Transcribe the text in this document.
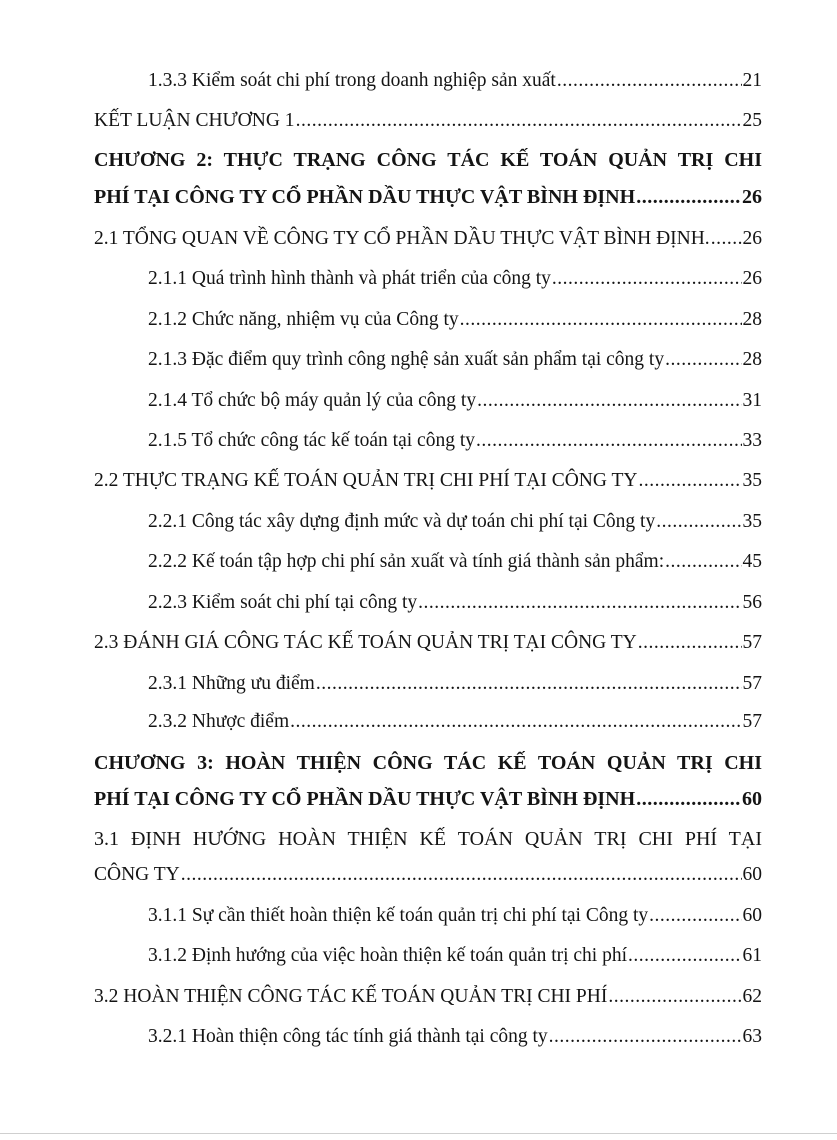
1.3.3 Kiểm soát chi phí trong doanh nghiệp sản xuất .....	21
KẾT LUẬN CHƯƠNG 1 .....	25
CHƯƠNG 2: THỰC TRẠNG CÔNG TÁC KẾ TOÁN QUẢN TRỊ CHI
PHÍ TẠI CÔNG TY CỔ PHẦN DẦU THỰC VẬT BÌNH ĐỊNH .....	26
2.1 TỔNG QUAN VỀ CÔNG TY CỔ PHẦN DẦU THỰC VẬT BÌNH ĐỊNH. ..... 26
2.1.1 Quá trình hình thành và phát triển của công ty .....	26
2.1.2 Chức năng, nhiệm vụ của Công ty .....	28
2.1.3 Đặc điểm quy trình công nghệ sản xuất sản phẩm tại công ty .....	28
2.1.4 Tổ chức bộ máy quản lý của công ty .....	31
2.1.5 Tổ chức công tác kế toán tại công ty .....	33
2.2 THỰC TRẠNG KẾ TOÁN QUẢN TRỊ CHI PHÍ TẠI CÔNG TY .....	35
2.2.1 Công tác xây dựng định mức và dự toán chi phí tại Công ty .....	35
2.2.2 Kế toán tập hợp chi phí sản xuất và tính giá thành sản phẩm: .....	45
2.2.3 Kiểm soát chi phí tại công ty .....	56
2.3 ĐÁNH GIÁ CÔNG TÁC KẾ TOÁN QUẢN TRỊ TẠI CÔNG TY .....	57
2.3.1 Những ưu điểm .....	57
2.3.2 Nhược điểm .....	57
CHƯƠNG 3: HOÀN THIỆN CÔNG TÁC KẾ TOÁN QUẢN TRỊ CHI
PHÍ TẠI CÔNG TY CỔ PHẦN DẦU THỰC VẬT BÌNH ĐỊNH .....	60
3.1 ĐỊNH HƯỚNG HOÀN THIỆN KẾ TOÁN QUẢN TRỊ CHI PHÍ TẠI
CÔNG TY .....	60
3.1.1 Sự cần thiết hoàn thiện kế toán quản trị chi phí tại Công ty .....	60
3.1.2 Định hướng của việc hoàn thiện kế toán quản trị chi phí .....	61
3.2 HOÀN THIỆN CÔNG TÁC KẾ TOÁN QUẢN TRỊ CHI PHÍ .....	62
3.2.1 Hoàn thiện công tác tính giá thành tại công ty .....	63
